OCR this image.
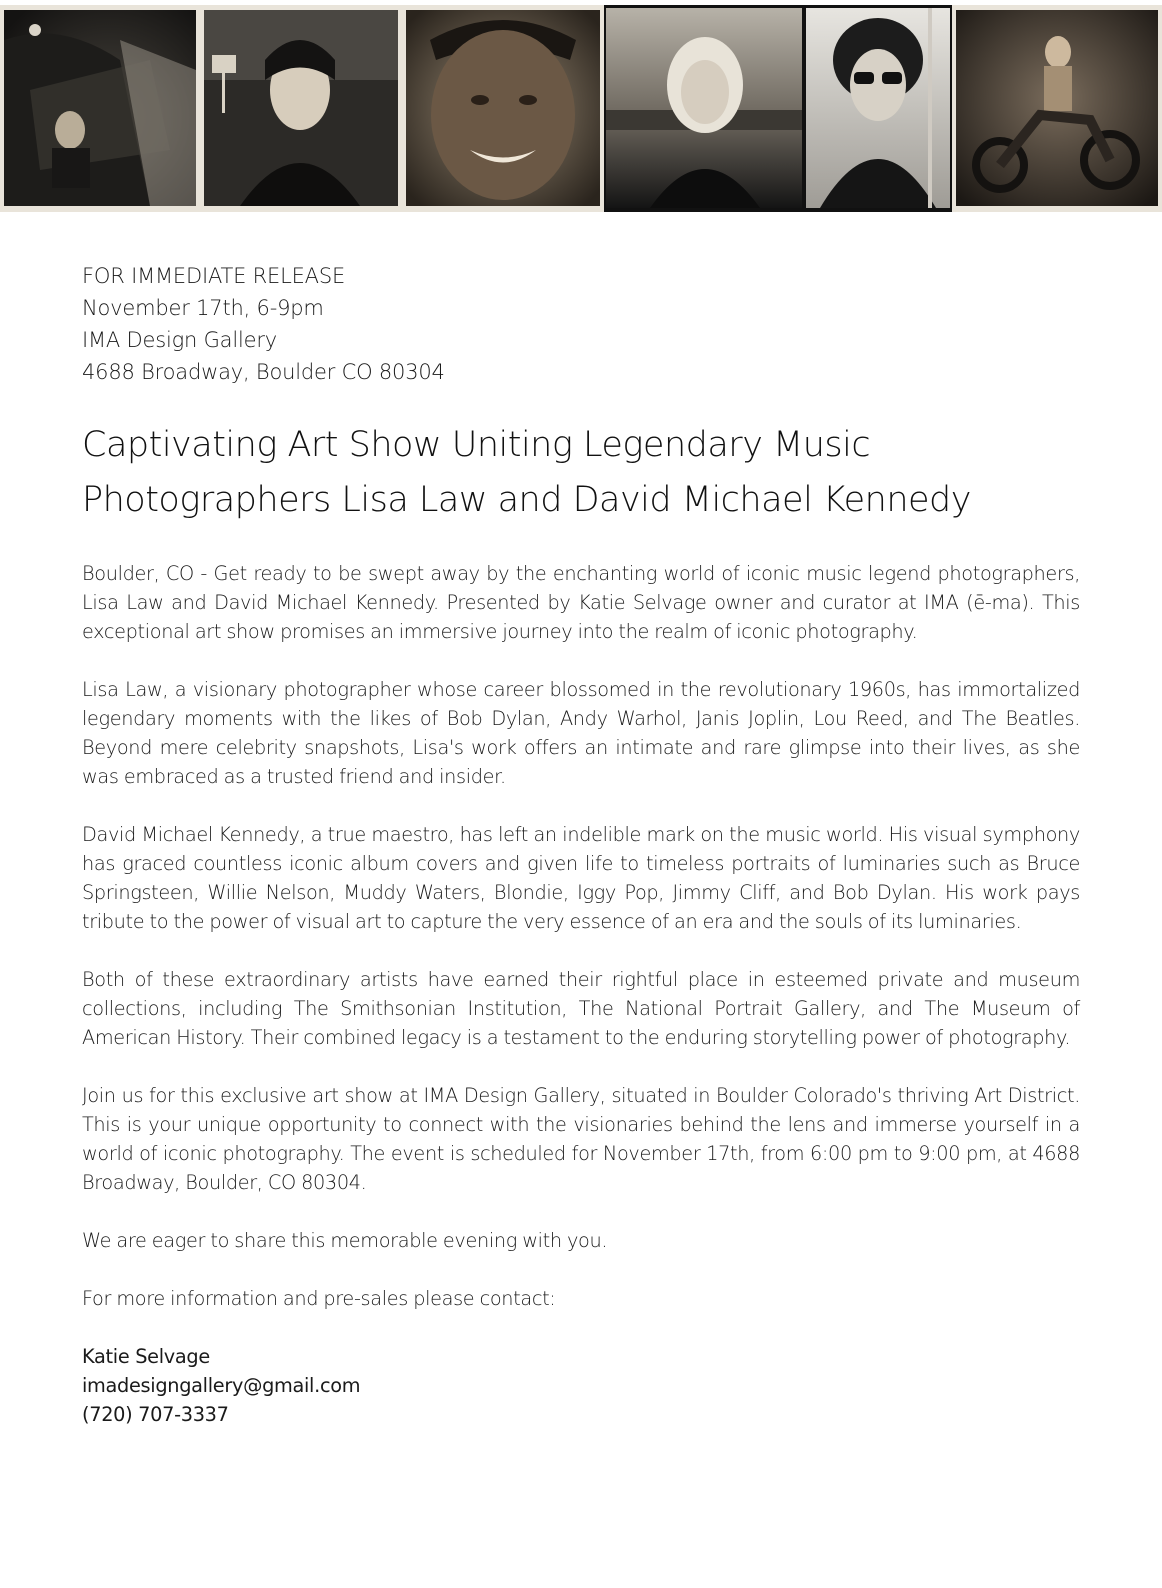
FOR IMMEDIATE RELEASE
November 17th, 6-9pm
IMA Design Gallery
4688 Broadway, Boulder CO 80304
Captivating Art Show Uniting Legendary Music
Photographers Lisa Law and David Michael Kennedy

Boulder, CO - Get ready to be swept away by the enchanting world of iconic music legend photographers, Lisa Law and David Michael Kennedy. Presented by Katie Selvage owner and curator at IMA (ē-ma). This exceptional art show promises an immersive journey into the realm of iconic photography.

Lisa Law, a visionary photographer whose career blossomed in the revolutionary 1960s, has immortalized legendary moments with the likes of Bob Dylan, Andy Warhol, Janis Joplin, Lou Reed, and The Beatles. Beyond mere celebrity snapshots, Lisa's work offers an intimate and rare glimpse into their lives, as she was embraced as a trusted friend and insider.

David Michael Kennedy, a true maestro, has left an indelible mark on the music world. His visual symphony has graced countless iconic album covers and given life to timeless portraits of luminaries such as Bruce Springsteen, Willie Nelson, Muddy Waters, Blondie, Iggy Pop, Jimmy Cliff, and Bob Dylan. His work pays tribute to the power of visual art to capture the very essence of an era and the souls of its luminaries.

Both of these extraordinary artists have earned their rightful place in esteemed private and museum collections, including The Smithsonian Institution, The National Portrait Gallery, and The Museum of American History. Their combined legacy is a testament to the enduring storytelling power of photography.

Join us for this exclusive art show at IMA Design Gallery, situated in Boulder Colorado's thriving Art District. This is your unique opportunity to connect with the visionaries behind the lens and immerse yourself in a world of iconic photography. The event is scheduled for November 17th, from 6:00 pm to 9:00 pm, at 4688 Broadway, Boulder, CO 80304.

We are eager to share this memorable evening with you.

For more information and pre-sales please contact:

Katie Selvage
imadesigngallery@gmail.com
(720) 707-3337
